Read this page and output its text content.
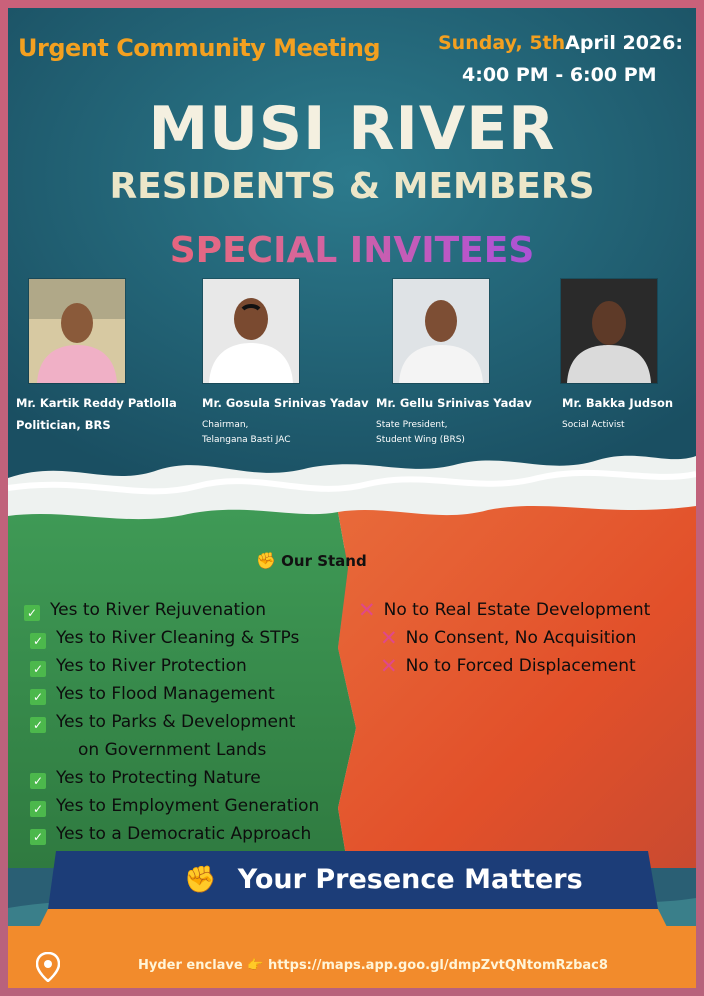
Urgent Community Meeting	Sunday, 5thApril 2026:
4:00 PM - 6:00 PM
MUSI RIVER
RESIDENTS & MEMBERS
SPECIAL INVITEES
Mr. Kartik Reddy Patlolla
Politician, BRS
Mr. Gosula Srinivas Yadav
Chairman,
Telangana Basti JAC
Mr. Gellu Srinivas Yadav
State President,
Student Wing (BRS)
Mr. Bakka Judson
Social Activist
✊ Our Stand
✓ Yes to River Rejuvenation
✓ Yes to River Cleaning & STPs
✓ Yes to River Protection
✓ Yes to Flood Management
✓ Yes to Parks & Development
on Government Lands
✓ Yes to Protecting Nature
✓ Yes to Employment Generation
✓ Yes to a Democratic Approach
✕ No to Real Estate Development
✕ No Consent, No Acquisition
✕ No to Forced Displacement
✊ Your Presence Matters
Hyder enclave 👉 https://maps.app.goo.gl/dmpZvtQNtomRzbac8
